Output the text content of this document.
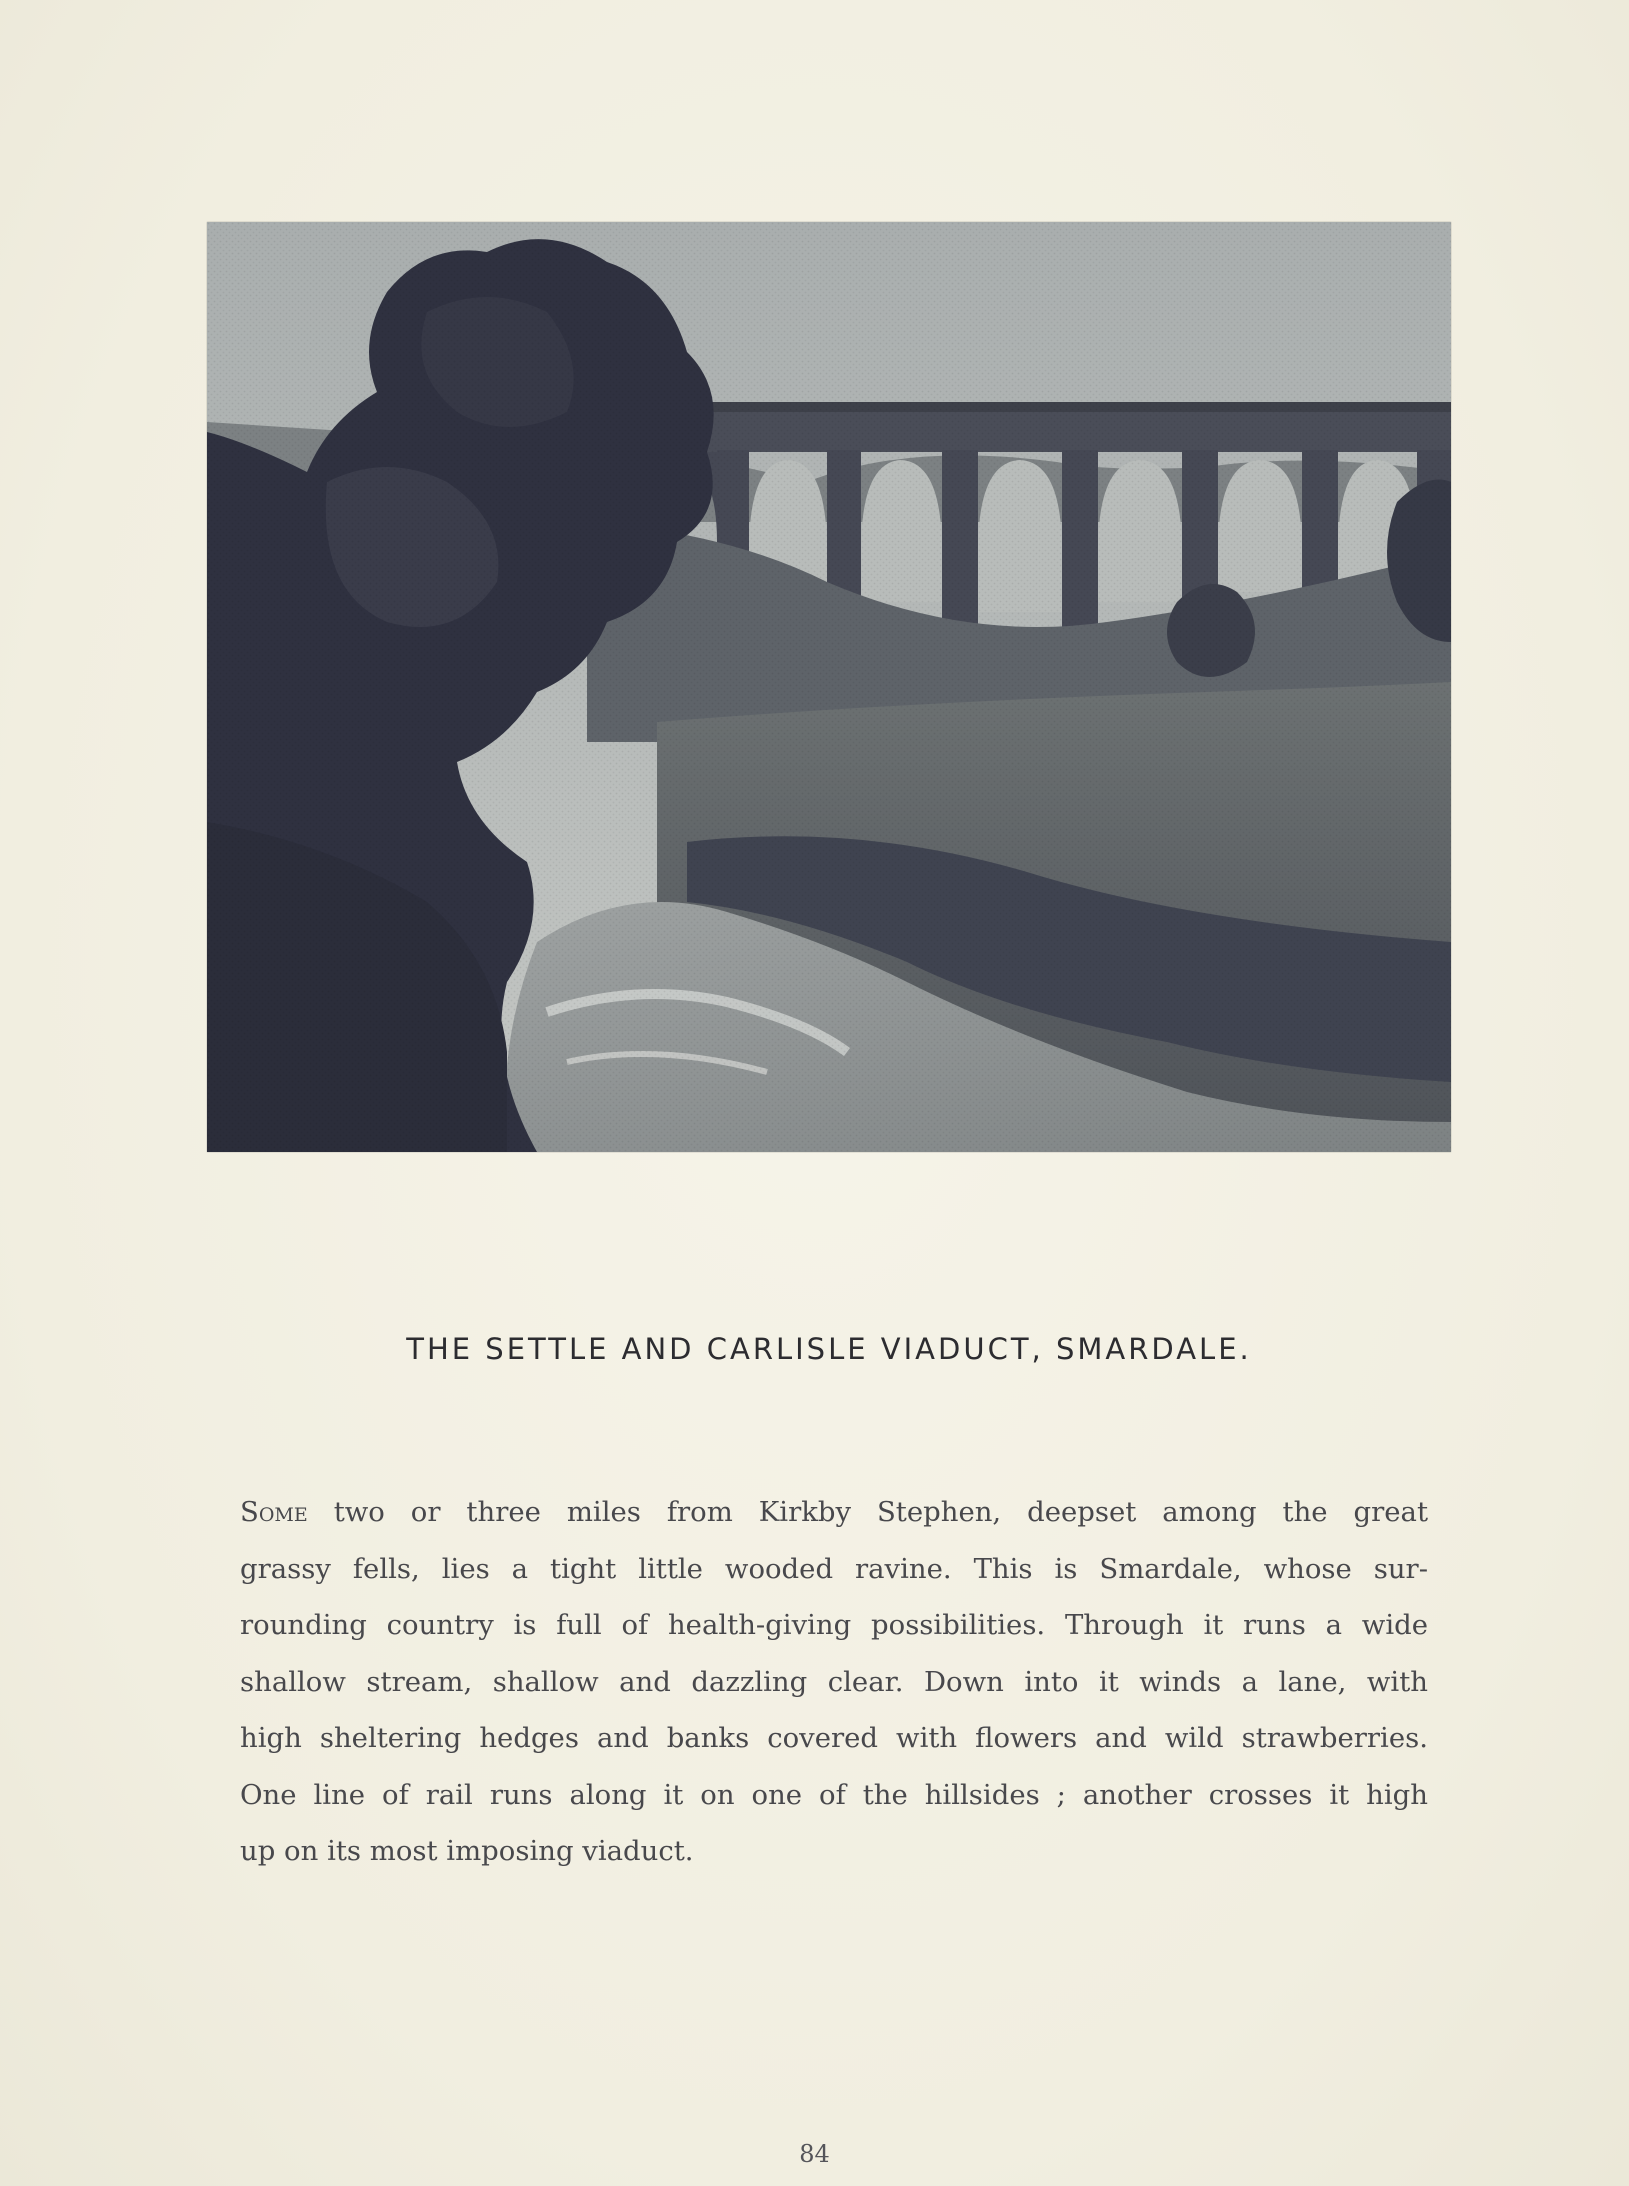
THE SETTLE AND CARLISLE VIADUCT, SMARDALE.
Some two or three miles from Kirkby Stephen, deepset among the great
grassy fells, lies a tight little wooded ravine. This is Smardale, whose sur-
rounding country is full of health-giving possibilities. Through it runs a wide
shallow stream, shallow and dazzling clear. Down into it winds a lane, with
high sheltering hedges and banks covered with flowers and wild strawberries.
One line of rail runs along it on one of the hillsides ; another crosses it high
up on its most imposing viaduct.
84
